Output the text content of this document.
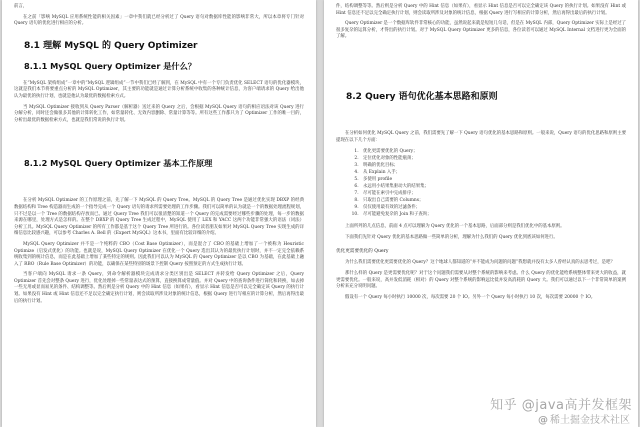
前言，

在之前「影响 MySQL 应用系统性能的相关因素」一章中我们就已经分析过了 Query 语句对数据库性能的影响非常大，所以本章将专门针对 Query 语句的优化进行相应的分析。

8.1 理解 MySQL 的 Query Optimizer
8.1.1 MySQL Query Optimizer 是什么？

在“MySQL 架构组成”一章中的“MySQL 逻辑组成”一节中我们已经了解到，在 MySQL 中有一个专门负责优化 SELECT 语句的优化器模块，这就是我们本节将要重点分析的 MySQL Optimizer，其主要的功能就是通过计算分析系统中收集的各种统计信息，为客户端请求的 Query 给出他认为最优的执行计划，也就是他认为最优的数据检索方式。

当 MySQL Optimizer 接收到从 Query Parser（解析器）送过来的 Query 之后，会根据 MySQL Query 语句的相应语法对该 Query 进行分解分析，同时还会做很多其他的计算转化工作，如常量转化、无效内容删除、常量计算等等。所有这些工作都只为了 Optimizer 工作的唯一目的，分析出最优的数据检索方式，也就是我们常说的执行计划。

8.1.2 MySQL Query Optimizer 基本工作原理

在分析 MySQL Optimizer 的工作原理之前，先了解一下 MySQL 的 Query Tree。MySQL 的 Query Tree 是通过优化实现 DBXP 的经典数据结构和 Tree 构造器而生成的一个指导完成一个 Query 语句的请求所需要处理的工作步骤。我们可以简单的认为就是一个的数据处理流程规划，只不过是以一个 Tree 的数据结构存放而已。通过 Query Tree 我们可以很清楚的知道一个 Query 的完成需要经过哪些步骤的处理，每一步的数据来源在哪里，处理方式是怎样的。在整个 DBXP 的 Query Tree 生成过程中，MySQL 使用了 LEX 和 YACC 这两个功能非常强大的语法（词法）分析工具。MySQL Query Optimizer 的所有工作都是基于这个 Query Tree 所进行的。各位读者朋友如果对 MySQL Query Tree 实现生成的详细信息比较感兴趣，可以参考 Charles A. Bell 的《Expert MySQL》这本书，里面有比较详细的介绍。

MySQL Query Optimizer 并不是一个纯粹的 CBO（Cost Base Optimizer），而是混合了 CBO 的基础上增加了一个被称为 Heuristic Optimize（启发式优化）的功能。也就是说，MySQL Query Optimizer 在优化一个 Query 选出其认为的最优执行计划时，并不一定完全依赖系统收集到的统计信息，而是在此基础上增加了某些特定的规则。因此我们可以认为 MySQL 的 Query Optimizer 是以 CBO 为基础，在此基础上融入了 RBO（Rule Base Optimizer）的功能，以确保在某些特别的场景下控制 Query 按照预定的方式生成执行计划。

当客户端向 MySQL 请求一条 Query，到命令解析器模块完成请求分类区别出是 SELECT 并转发给 Query Optimizer 之后，Query Optimizer 首先会对整条 Query 进行，优化处理掉一些常量表达式的预算，直接换算成常量值。并对 Query 中的查询条件进行简化和转换，如去掉一些无用或显而易见的条件、结构调整等。然后则是分析 Query 中的 Hint 信息（如果有），看显示 Hint 信息是否可以完全确定该 Query 的执行计划。如果没有 Hint 或 Hint 信息还不足以完全确定执行计划，则会读取所涉及对象的统计信息，根据 Query 进行写相应的计算分析，然后再得出最后的执行计划。

件，结构调整等等。然后则是分析 Query 中的 Hint 信息（如果有），看显示 Hint 信息是否可以完全确定该 Query 的执行计划。如果没有 Hint 或 Hint 信息还不足以完全确定执行计划，则会读取所涉及对象的统计信息，根据 Query 进行写相应的计算分析，然后再得出最后的执行计划。

Query Optimizer 是一个数据库软件非常核心的功能，虽然说起来就是短短几句话，但是在 MySQL 内部，Query Optimizer 实际上是经过了很多复杂的运算分析，才得出的执行计划。对于 MySQL Query Optimizer 更多的信息，各位读者可以通过 MySQL Internal 文档进行更为全面的了解。

8.2 Query 语句优化基本思路和原则

在分析如何优化 MySQL Query 之前，我们需要先了解一下 Query 语句优化的基本思路和原则。一般来说，Query 语句的优化思路和原则主要提现在以下几个方面：

1. 优化更需要优化的 Query；
2. 定位优化对象的性能瓶颈；
3. 明确的优化目标；
4. 从 Explain 入手；
5. 多使用 profile
6. 永远用小结果集驱动大的结果集；
7. 尽可能在索引中完成排序；
8. 只取出自己需要的 Columns；
9. 仅仅使用最有效的过滤条件；
10. 尽可能避免复杂的 Join 和子查询；

上面所列的几点信息，前面 4 点可以理解为 Query 优化的一个基本思路，后面部分则是我们优化中的基本原则。

下面我们先针对 Query 优化的基本思路做一些简单的分析，理解为什么我们的 Query 优化到底该如何进行。

优化更需要优化的 Query

为什么我们需要优化更需要优化的 Query？这个地球人都知道的“并不能成为问题的问题”我想就并没有太多人曾经认真的去思考过，是吧？

那什么样的 Query 是更需要优化呢？对于这个问题我们需要从对整个系统的影响来考虑。什么 Query 的优化能给系统整体带来更大的收益，就更需要优化。一般来说，高并发低消耗（相对）的 Query 对整个系统的影响远比低并发高消耗的 Query 大。我们可以通过以下一个非常简单的案例分析来充分说明问题。

假设有一个 Query 每小时执行 10000 次，每次需要 20 个 IO。另外一个 Query 每小时执行 10 次，每次需要 20000 个 IO。

知乎 @java高并发框架
@ 稀土掘金技术社区
